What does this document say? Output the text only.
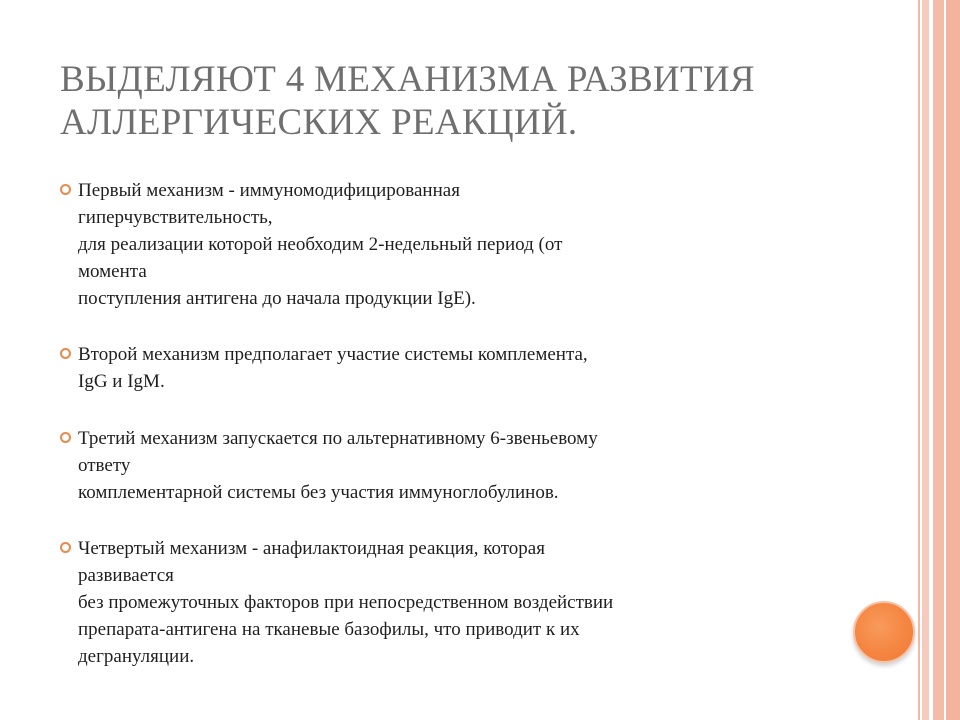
ВЫДЕЛЯЮТ 4 МЕХАНИЗМА РАЗВИТИЯ
АЛЛЕРГИЧЕСКИХ РЕАКЦИЙ.
Первый механизм - иммуномодифицированная
гиперчувствительность,
для реализации которой необходим 2-недельный период (от
момента
поступления антигена до начала продукции IgE).
Второй механизм предполагает участие системы комплемента,
IgG и IgM.
Третий механизм запускается по альтернативному 6-звеньевому
ответу
комплементарной системы без участия иммуноглобулинов.
Четвертый механизм - анафилактоидная реакция, которая
развивается
без промежуточных факторов при непосредственном воздействии
препарата-антигена на тканевые базофилы, что приводит к их
дегрануляции.
